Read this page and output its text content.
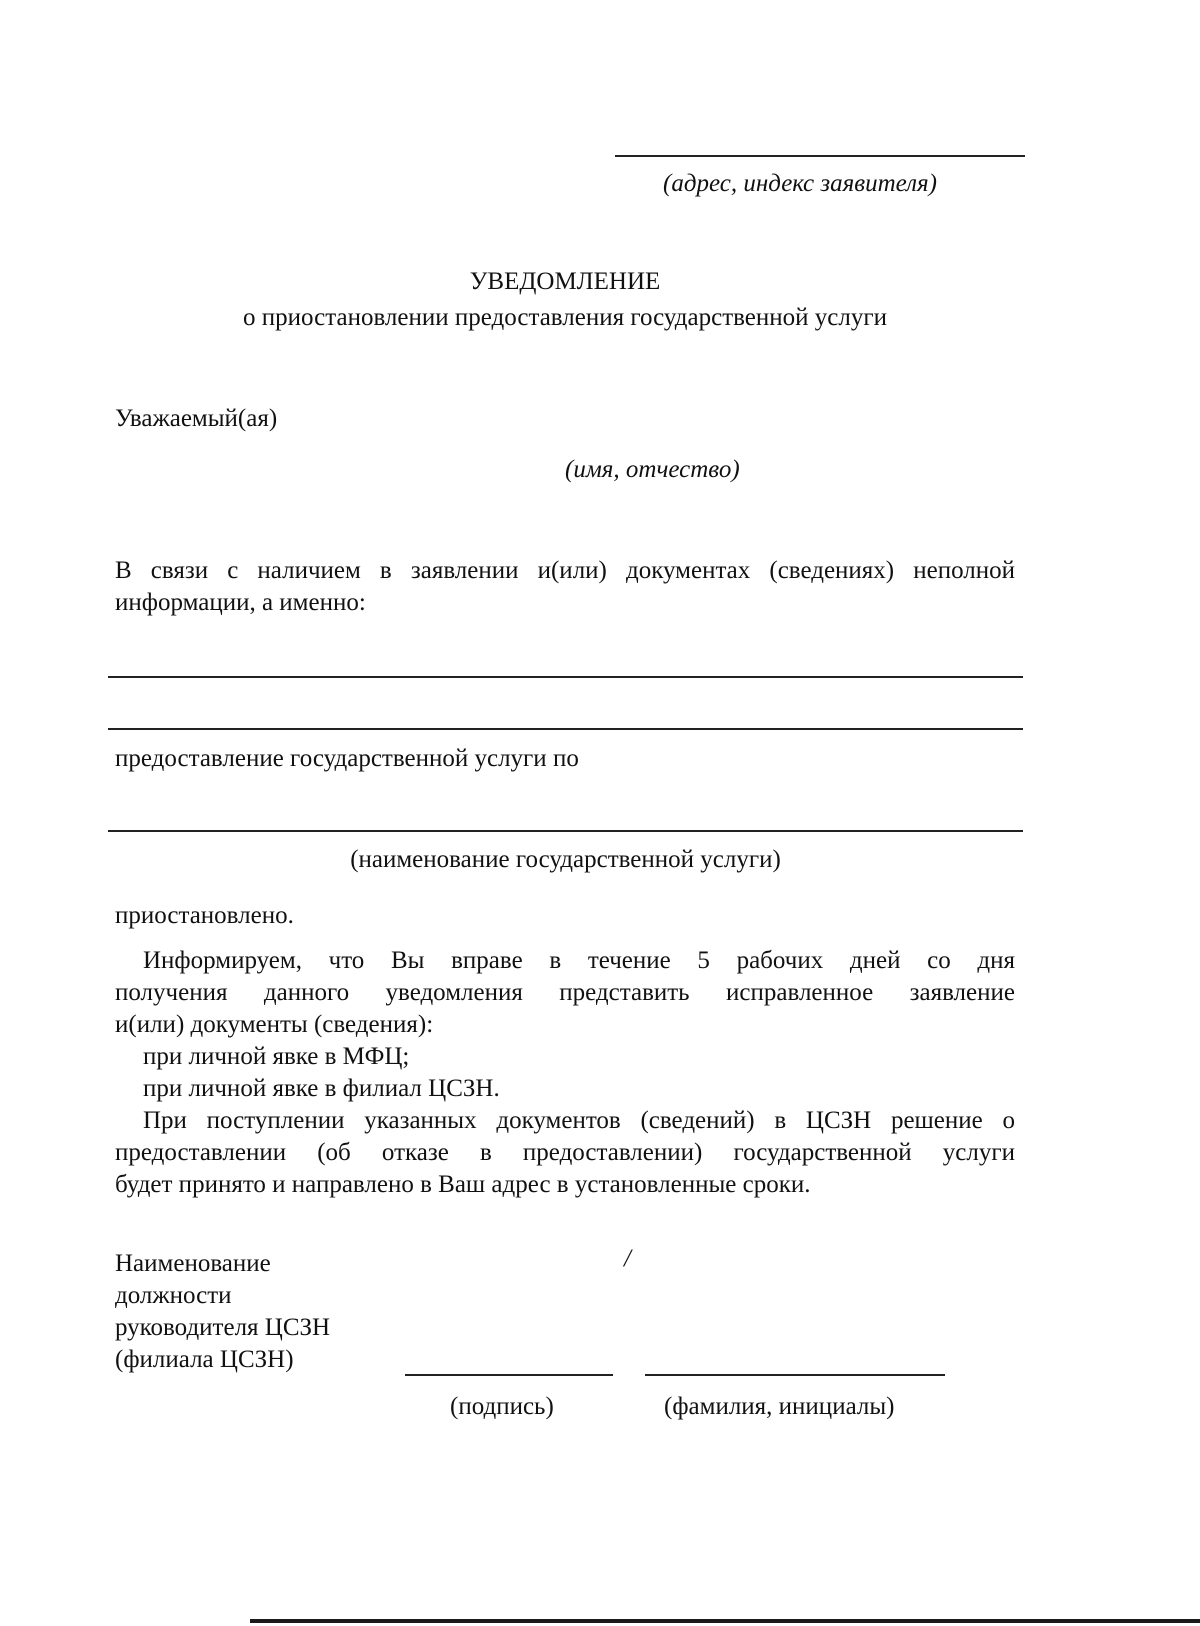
(адрес, индекс заявителя)
УВЕДОМЛЕНИЕ
о приостановлении предоставления государственной услуги
Уважаемый(ая)
(имя, отчество)
В связи с наличием в заявлении и(или) документах (сведениях) неполной
информации, а именно:
предоставление государственной услуги по
(наименование государственной услуги)
приостановлено.
Информируем, что Вы вправе в течение 5 рабочих дней со дня
получения данного уведомления представить исправленное заявление
и(или) документы (сведения):
при личной явке в МФЦ;
при личной явке в филиал ЦСЗН.
При поступлении указанных документов (сведений) в ЦСЗН решение о
предоставлении (об отказе в предоставлении) государственной услуги
будет принято и направлено в Ваш адрес в установленные сроки.
Наименование
должности
руководителя ЦСЗН
(филиала ЦСЗН)
/
(подпись)	(фамилия, инициалы)
